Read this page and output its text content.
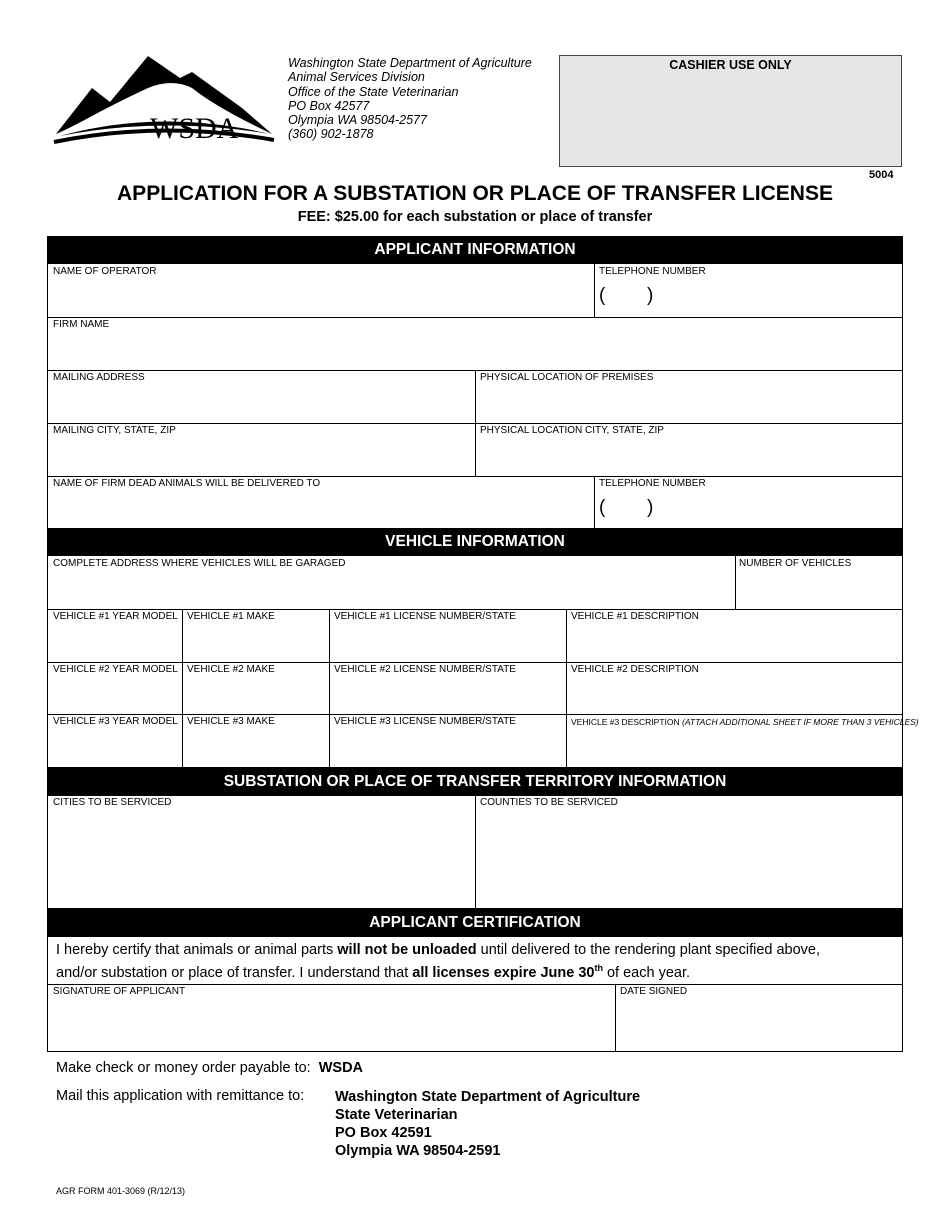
WSDA
Washington State Department of Agriculture
Animal Services Division
Office of the State Veterinarian
PO Box 42577
Olympia WA 98504-2577
(360) 902-1878
CASHIER USE ONLY
5004
APPLICATION FOR A SUBSTATION OR PLACE OF TRANSFER LICENSE
FEE: $25.00 for each substation or place of transfer
APPLICANT INFORMATION
NAME OF OPERATOR	TELEPHONE NUMBER
( )
FIRM NAME
MAILING ADDRESS	PHYSICAL LOCATION OF PREMISES
MAILING CITY, STATE, ZIP	PHYSICAL LOCATION CITY, STATE, ZIP
NAME OF FIRM DEAD ANIMALS WILL BE DELIVERED TO	TELEPHONE NUMBER
( )
VEHICLE INFORMATION
COMPLETE ADDRESS WHERE VEHICLES WILL BE GARAGED	NUMBER OF VEHICLES
VEHICLE #1 YEAR MODEL VEHICLE #1 MAKE	VEHICLE #1 LICENSE NUMBER/STATE	VEHICLE #1 DESCRIPTION
VEHICLE #2 YEAR MODEL VEHICLE #2 MAKE	VEHICLE #2 LICENSE NUMBER/STATE	VEHICLE #2 DESCRIPTION
VEHICLE #3 YEAR MODEL VEHICLE #3 MAKE	VEHICLE #3 LICENSE NUMBER/STATE	VEHICLE #3 DESCRIPTION (ATTACH ADDITIONAL SHEET IF MORE THAN 3 VEHICLES)
SUBSTATION OR PLACE OF TRANSFER TERRITORY INFORMATION
CITIES TO BE SERVICED	COUNTIES TO BE SERVICED
APPLICANT CERTIFICATION
I hereby certify that animals or animal parts will not be unloaded until delivered to the rendering plant specified above,
and/or substation or place of transfer. I understand that all licenses expire June 30th of each year.
SIGNATURE OF APPLICANT	DATE SIGNED
Make check or money order payable to: WSDA
Mail this application with remittance to: Washington State Department of Agriculture
State Veterinarian
PO Box 42591
Olympia WA 98504-2591
AGR FORM 401-3069 (R/12/13)
